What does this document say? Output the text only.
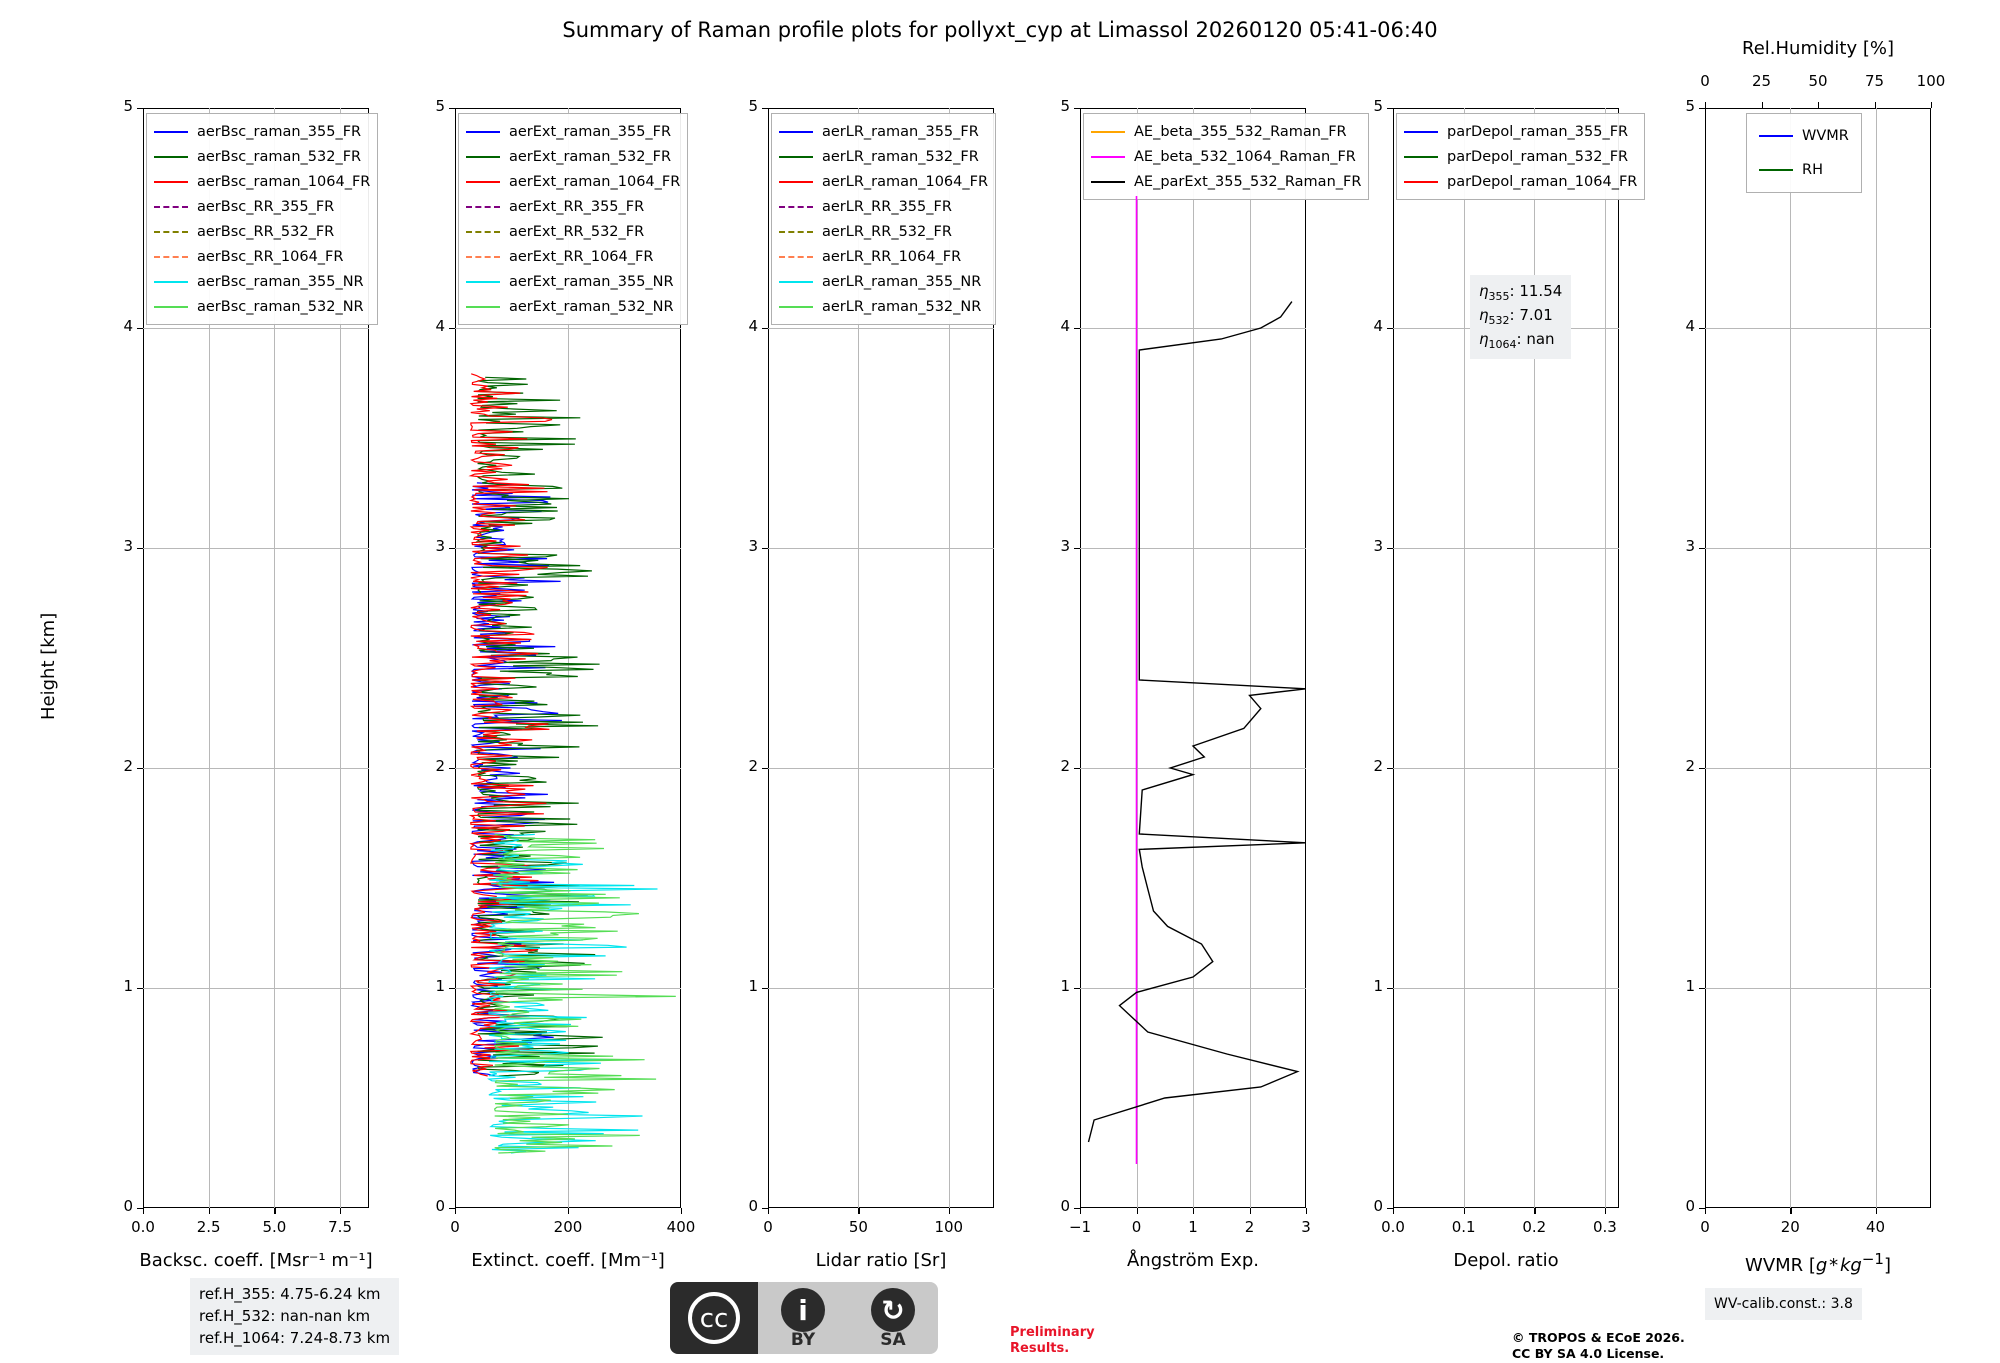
Summary of Raman profile plots for pollyxt_cyp at Limassol 20260120 05:41-06:40
0
1
2
3
4
5
0.0	2.5	5.0	7.5
Backsc. coeff. [Msr⁻¹ m⁻¹]
aerBsc_raman_355_FR
aerBsc_raman_532_FR
aerBsc_raman_1064_FR
aerBsc_RR_355_FR
aerBsc_RR_532_FR
aerBsc_RR_1064_FR
aerBsc_raman_355_NR
aerBsc_raman_532_NR
0
1
2
3
4
5
0	200	400
Extinct. coeff. [Mm⁻¹]
aerExt_raman_355_FR
aerExt_raman_532_FR
aerExt_raman_1064_FR
aerExt_RR_355_FR
aerExt_RR_532_FR
aerExt_RR_1064_FR
aerExt_raman_355_NR
aerExt_raman_532_NR
0
1
2
3
4
5
0	50	100
Lidar ratio [Sr]
aerLR_raman_355_FR
aerLR_raman_532_FR
aerLR_raman_1064_FR
aerLR_RR_355_FR
aerLR_RR_532_FR
aerLR_RR_1064_FR
aerLR_raman_355_NR
aerLR_raman_532_NR
0
1
2
3
4
5
−1	0	1	2	3
Ångström Exp.
AE_beta_355_532_Raman_FR
AE_beta_532_1064_Raman_FR
AE_parExt_355_532_Raman_FR
0
1
2
3
4
5
0.0	0.1	0.2	0.3
Depol. ratio
parDepol_raman_355_FR
parDepol_raman_532_FR
parDepol_raman_1064_FR
0
1
2
3
4
5
0	20	40
WVMR [g * $kg^{-1}$]
WVMR
RH
ref.H_355: 4.75-6.24 km
ref.H_532: nan-nan km
ref.H_1064: 7.24-8.73 km
cc	i
BY
↻
SA	Preliminary
Results.
© TROPOS & ECoE 2026.
CC BY SA 4.0 License.
WV-calib.const.: 3.8
Height [km]
Rel.Humidity [%]
0	25	50	75	100
$\eta_{355}$: 11.54
$\eta_{532}$: 7.01
$\eta_{1064}$: nan
